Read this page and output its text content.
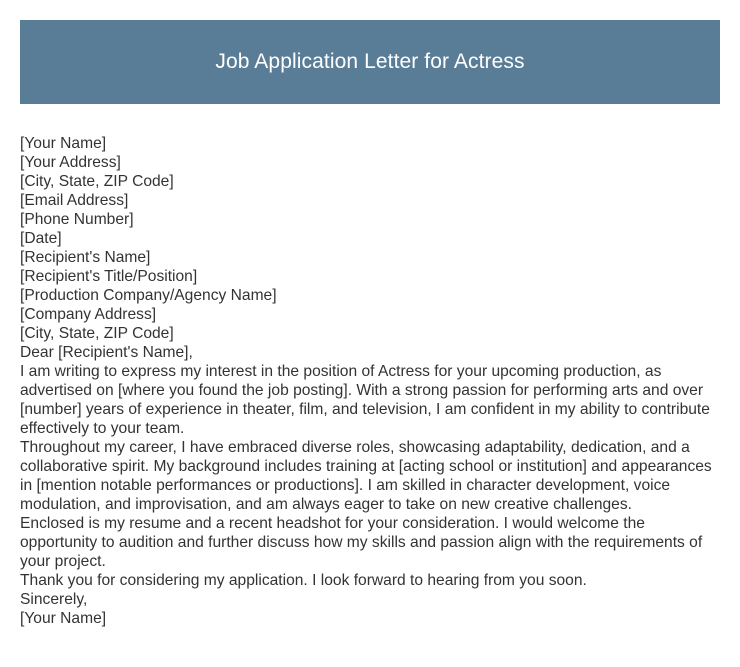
Job Application Letter for Actress

[Your Name]

[Your Address]

[City, State, ZIP Code]

[Email Address]

[Phone Number]

[Date]

[Recipient's Name]

[Recipient's Title/Position]

[Production Company/Agency Name]

[Company Address]

[City, State, ZIP Code]

Dear [Recipient's Name],

I am writing to express my interest in the position of Actress for your upcoming production, as advertised on [where you found the job posting]. With a strong passion for performing arts and over [number] years of experience in theater, film, and television, I am confident in my ability to contribute effectively to your team.

Throughout my career, I have embraced diverse roles, showcasing adaptability, dedication, and a collaborative spirit. My background includes training at [acting school or institution] and appearances in [mention notable performances or productions]. I am skilled in character development, voice modulation, and improvisation, and am always eager to take on new creative challenges.

Enclosed is my resume and a recent headshot for your consideration. I would welcome the opportunity to audition and further discuss how my skills and passion align with the requirements of your project.

Thank you for considering my application. I look forward to hearing from you soon.

Sincerely,

[Your Name]
